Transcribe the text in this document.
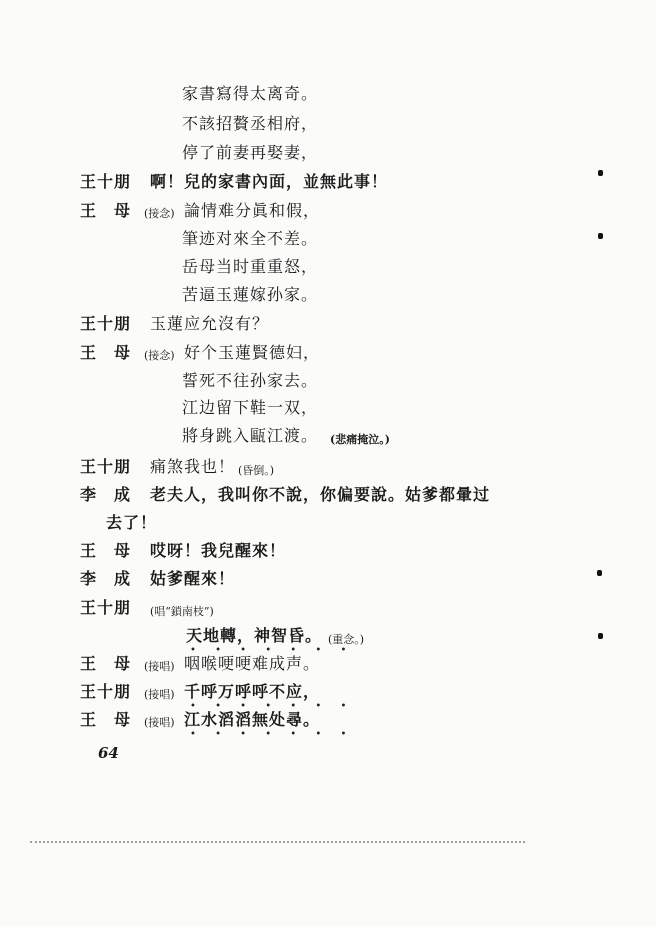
家書寫得太离奇。
不該招贅丞相府，
停了前妻再娶妻，
王十朋 啊！兒的家書內面，並無此事！
王　母 (接念) 論情难分眞和假，
筆迹对來全不差。
岳母当时重重怒，
苦逼玉蓮嫁孙家。
王十朋 玉蓮应允沒有？
王　母 (接念) 好个玉蓮賢德妇，
誓死不往孙家去。
江边留下鞋一双，
將身跳入甌江渡。 (悲痛掩泣。)
王十朋 痛煞我也！ (昏倒。)
李　成 老夫人，我叫你不說，你偏要說。姑爹都暈过
去了！
王　母 哎呀！我兒醒來！
李　成 姑爹醒來！
王十朋 (唱“鎖南枝”)
天地轉，神智昏。 (重念。)
王　母 (接唱) 咽喉哽哽难成声。
王十朋 (接唱) 千呼万呼呼不应，
王　母 (接唱) 江水滔滔無处尋。
• • • • • • •
• • • • • • •
• • • • • • •
64
